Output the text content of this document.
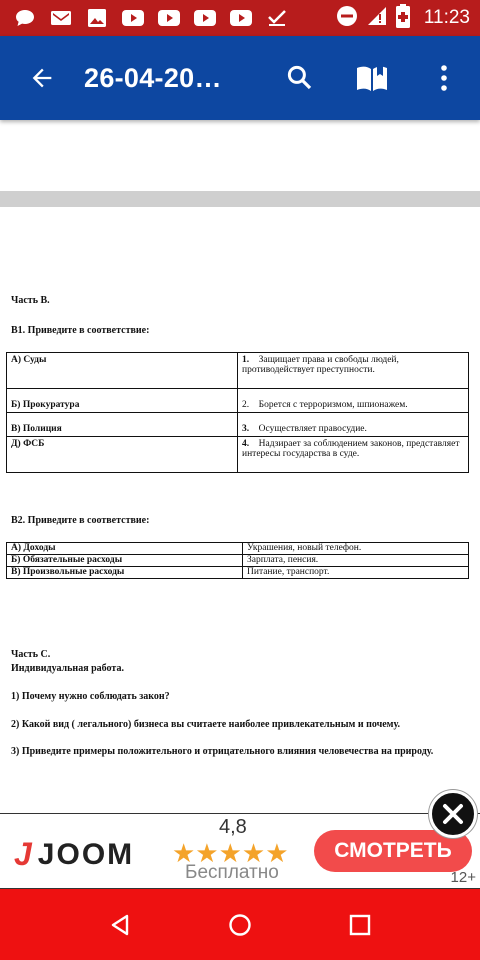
11:23
26-04-20…
Часть В.
В1. Приведите в соответствие:
А) Суды	1. Защищает права и свободы людей, противодействует преступности.
Б) Прокуратура	2. Борется с терроризмом, шпионажем.
В) Полиция	3. Осуществляет правосудие.
Д) ФСБ	4. Надзирает за соблюдением законов, представляет интересы государства в суде.
В2. Приведите в соответствие:
А) Доходы	Украшения, новый телефон.
Б) Обязательные расходы	Зарплата, пенсия.
В) Произвольные расходы	Питание, транспорт.
Часть С.
Индивидуальная работа.
1) Почему нужно соблюдать закон?
2) Какой вид ( легального) бизнеса вы считаете наиболее привлекательным и почему.
3) Приведите примеры положительного и отрицательного влияния человечества на природу.
J JOOM
4,8
★★★★★
Бесплатно
СМОТРЕТЬ
12+
